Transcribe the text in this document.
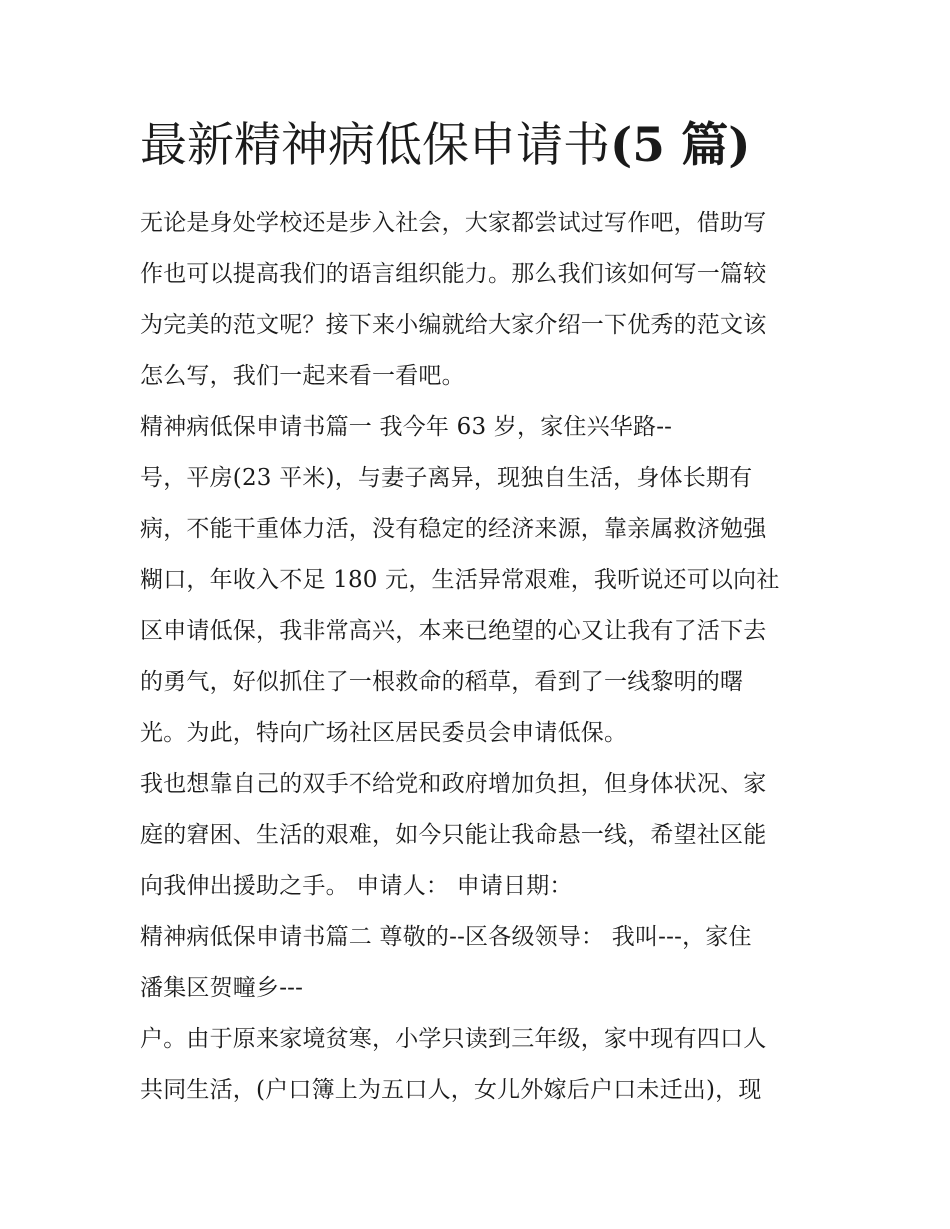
最新精神病低保申请书(5 篇)
无论是身处学校还是步入社会，大家都尝试过写作吧，借助写
作也可以提高我们的语言组织能力。那么我们该如何写一篇较
为完美的范文呢？接下来小编就给大家介绍一下优秀的范文该
怎么写，我们一起来看一看吧。
精神病低保申请书篇一 我今年 63 岁，家住兴华路--
号，平房(23 平米)，与妻子离异，现独自生活，身体长期有
病，不能干重体力活，没有稳定的经济来源，靠亲属救济勉强
糊口，年收入不足 180 元，生活异常艰难，我听说还可以向社
区申请低保，我非常高兴，本来已绝望的心又让我有了活下去
的勇气，好似抓住了一根救命的稻草，看到了一线黎明的曙
光。为此，特向广场社区居民委员会申请低保。
我也想靠自己的双手不给党和政府增加负担，但身体状况、家
庭的窘困、生活的艰难，如今只能让我命悬一线，希望社区能
向我伸出援助之手。 申请人： 申请日期：
精神病低保申请书篇二 尊敬的--区各级领导： 我叫---，家住
潘集区贺疃乡---
户。由于原来家境贫寒，小学只读到三年级，家中现有四口人
共同生活，(户口簿上为五口人，女儿外嫁后户口未迁出)，现
